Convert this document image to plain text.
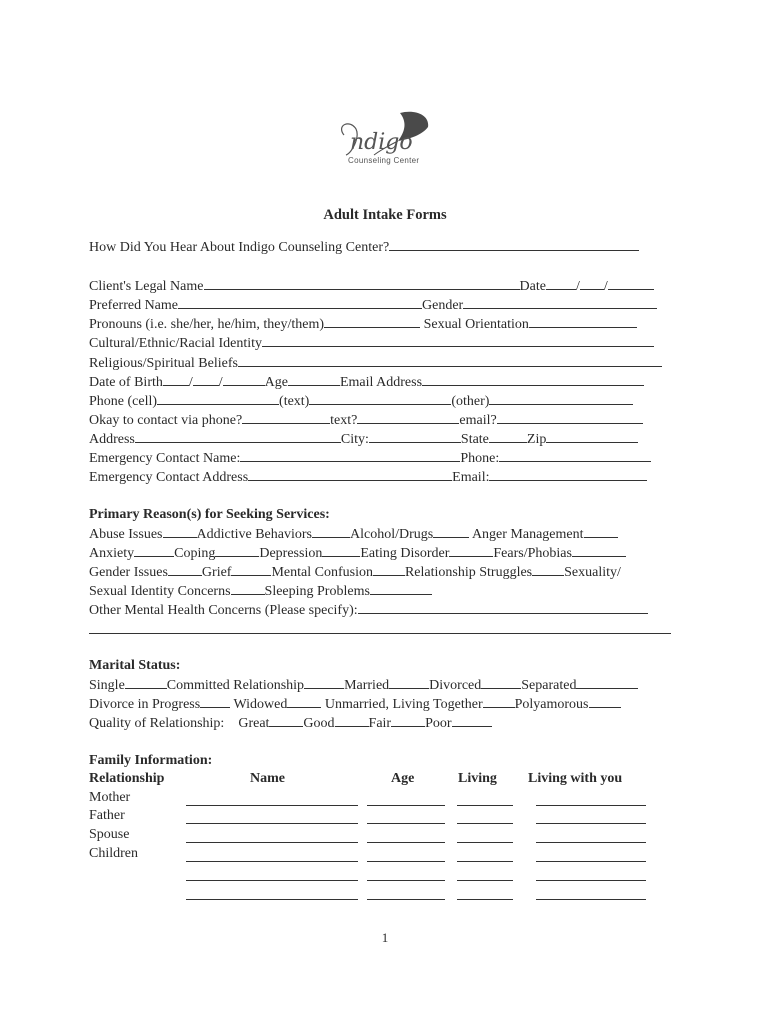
ndigo
Counseling Center
Adult Intake Forms
How Did You Hear About Indigo Counseling Center?
Client's Legal Name	Date / /
Preferred Name	Gender
Pronouns (i.e. she/her, he/him, they/them)	Sexual Orientation
Cultural/Ethnic/Racial Identity
Religious/Spiritual Beliefs
Date of Birth / /	Age	Email Address
Phone (cell)	(text)	(other)
Okay to contact via phone?	text?	email?
Address	City:	State	Zip
Emergency Contact Name:	Phone:
Emergency Contact Address	Email:
Primary Reason(s) for Seeking Services:
Abuse Issues Addictive Behaviors	Alcohol/Drugs	Anger Management
Anxiety	Coping	Depression	Eating Disorder	Fears/Phobias
Gender Issues Grief	Mental Confusion Relationship Struggles Sexuality/
Sexual Identity Concerns Sleeping Problems
Other Mental Health Concerns (Please specify):
Marital Status:
Single	Committed Relationship	Married	Divorced	Separated
Divorce in Progress Widowed	Unmarried, Living Together Polyamorous
Quality of Relationship: Great Good Fair Poor
Family Information:
Relationship	Name	Age	Living Living with you
Mother
Father
Spouse
Children
1
